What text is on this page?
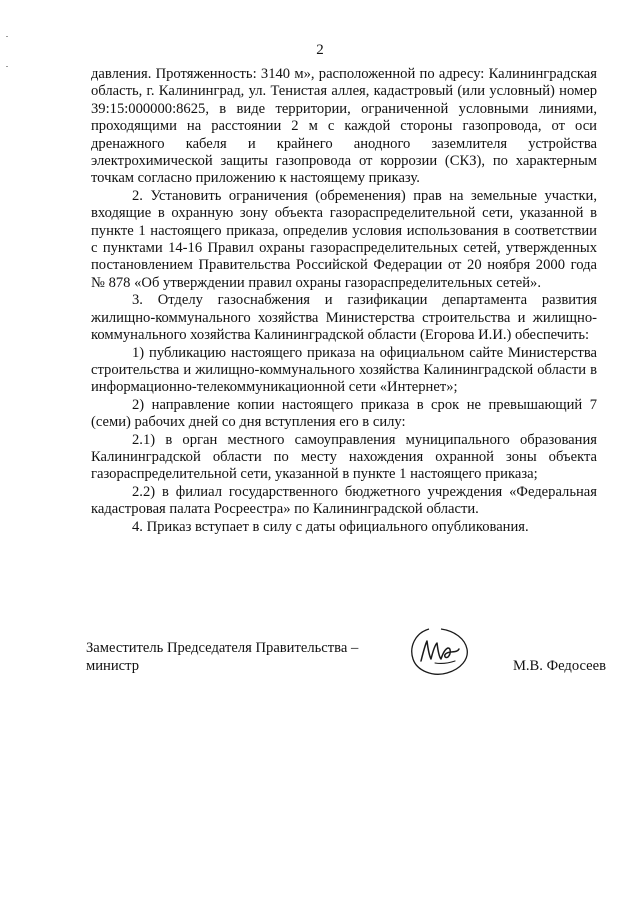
2

давления. Протяженность: 3140 м», расположенной по адресу: Калининградская область, г. Калининград, ул. Тенистая аллея, кадастровый (или условный) номер 39:15:000000:8625, в виде территории, ограниченной условными линиями, проходящими на расстоянии 2 м с каждой стороны газопровода, от оси дренажного кабеля и крайнего анодного заземлителя устройства электрохимической защиты газопровода от коррозии (СКЗ), по характерным точкам согласно приложению к настоящему приказу.

2. Установить ограничения (обременения) прав на земельные участки, входящие в охранную зону объекта газораспределительной сети, указанной в пункте 1 настоящего приказа, определив условия использования в соответствии с пунктами 14-16 Правил охраны газораспределительных сетей, утвержденных постановлением Правительства Российской Федерации от 20 ноября 2000 года № 878 «Об утверждении правил охраны газораспределительных сетей».

3. Отделу газоснабжения и газификации департамента развития жилищно-коммунального хозяйства Министерства строительства и жилищно-коммунального хозяйства Калининградской области (Егорова И.И.) обеспечить:

1) публикацию настоящего приказа на официальном сайте Министерства строительства и жилищно-коммунального хозяйства Калининградской области в информационно-телекоммуникационной сети «Интернет»;

2) направление копии настоящего приказа в срок не превышающий 7 (семи) рабочих дней со дня вступления его в силу:

2.1) в орган местного самоуправления муниципального образования Калининградской области по месту нахождения охранной зоны объекта газораспределительной сети, указанной в пункте 1 настоящего приказа;

2.2) в филиал государственного бюджетного учреждения «Федеральная кадастровая палата Росреестра» по Калининградской области.

4. Приказ вступает в силу с даты официального опубликования.

Заместитель Председателя Правительства –
министр	М.В. Федосеев
